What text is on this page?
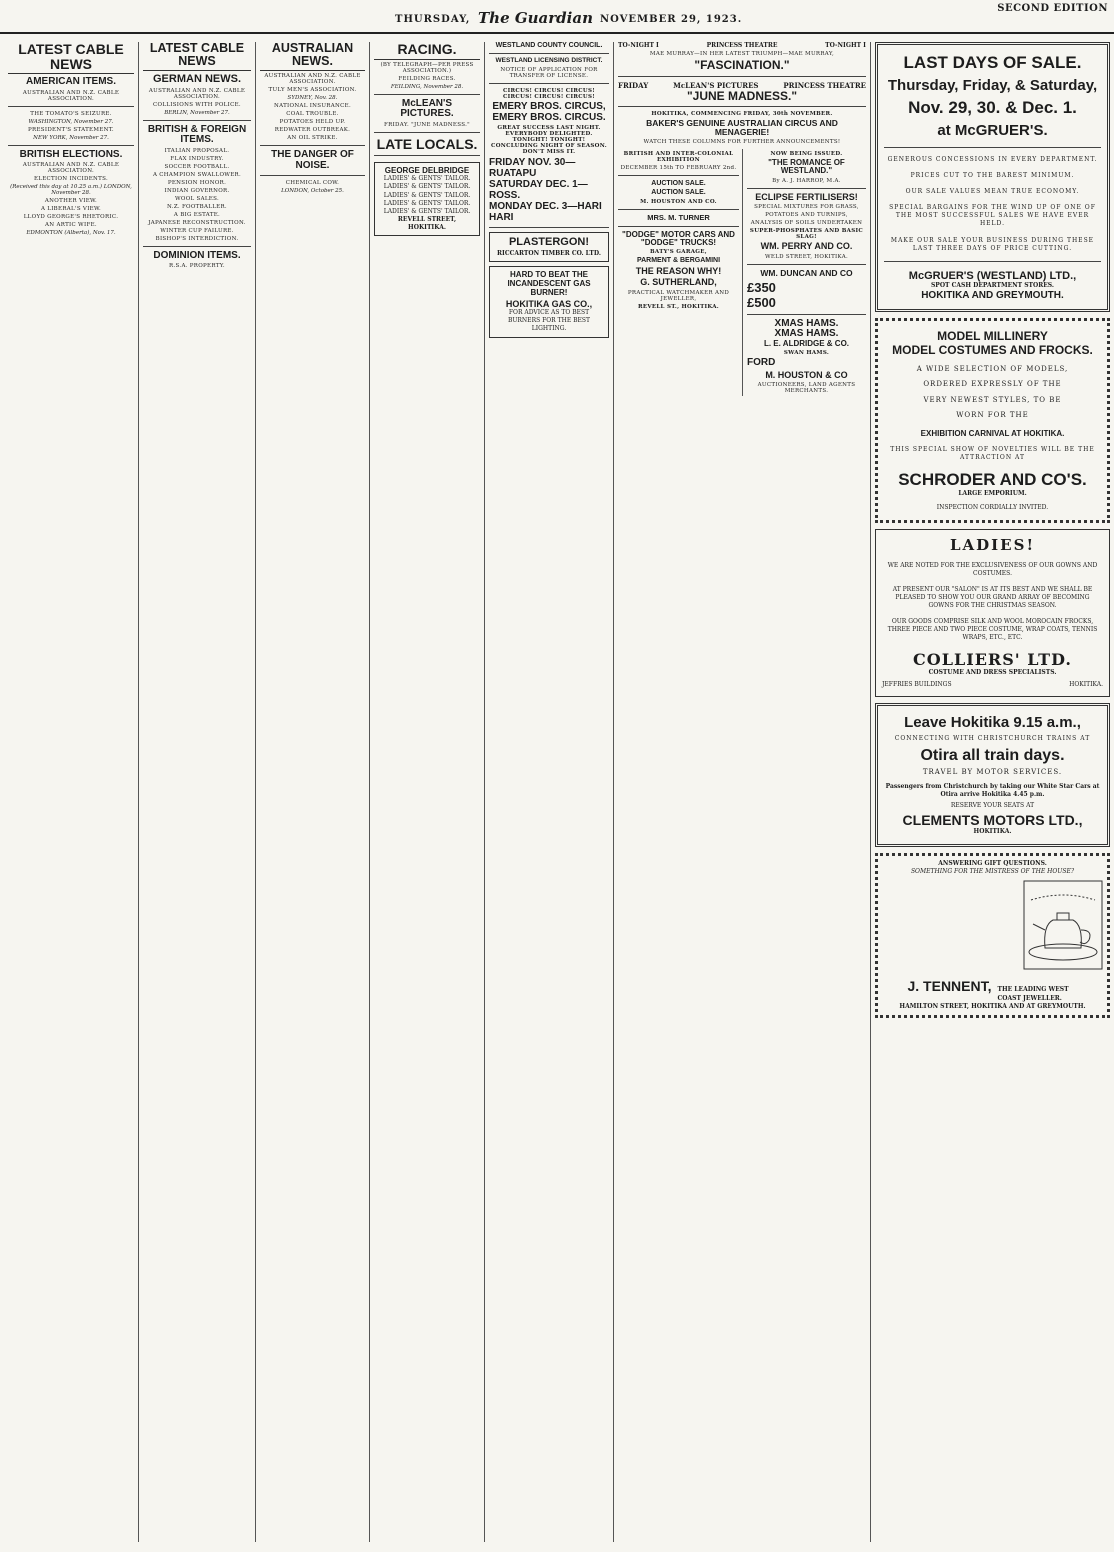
THURSDAY, The Guardian NOVEMBER 29, 1923.
SECOND EDITION
LATEST CABLE NEWS
AMERICAN ITEMS.
AUSTRALIAN AND N.Z. CABLE ASSOCIATION.
THE TOMATO'S SEIZURE.
WASHINGTON, November 27.
PRESIDENT'S STATEMENT.
NEW YORK, November 27.
BRITISH ELECTIONS.
AUSTRALIAN AND N.Z. CABLE ASSOCIATION.
ELECTION INCIDENTS.
(Received this day at 10.25 a.m.) LONDON, November 28.
ANOTHER VIEW.
A LIBERAL'S VIEW.
LLOYD GEORGE'S RHETORIC.
AN ARTIC WIFE.
EDMONTON (Alberta), Nov. 17.
LATEST CABLE NEWS
GERMAN NEWS.
AUSTRALIAN AND N.Z. CABLE ASSOCIATION.
COLLISIONS WITH POLICE.
BERLIN, November 27.
BRITISH & FOREIGN ITEMS.
ITALIAN PROPOSAL.
FLAX INDUSTRY.
SOCCER FOOTBALL.
A CHAMPION SWALLOWER.
PENSION HONOR.
INDIAN GOVERNOR.
WOOL SALES.
N.Z. FOOTBALLER.
A BIG ESTATE.
JAPANESE RECONSTRUCTION.
WINTER CUP FAILURE.
BISHOP'S INTERDICTION.
DOMINION ITEMS.
R.S.A. PROPERTY.
AUSTRALIAN NEWS.
AUSTRALIAN AND N.Z. CABLE ASSOCIATION.
TULY MEN'S ASSOCIATION.
SYDNEY, Nov. 28.
NATIONAL INSURANCE.
COAL TROUBLE.
POTATOES HELD UP.
REDWATER OUTBREAK.
AN OIL STRIKE.
THE DANGER OF NOISE.
CHEMICAL COW.
LONDON, October 25.
RACING.
(BY TELEGRAPH—PER PRESS ASSOCIATION.)
FEILDING RACES.
FEILDING, November 28.
McLEAN'S PICTURES.
FRIDAY. "JUNE MADNESS."
LATE LOCALS.
GEORGE DELBRIDGE
LADIES' & GENTS' TAILOR.
LADIES' & GENTS' TAILOR.
LADIES' & GENTS' TAILOR.
LADIES' & GENTS' TAILOR.
LADIES' & GENTS' TAILOR.
REVELL STREET, HOKITIKA.
WESTLAND COUNTY COUNCIL.
WESTLAND LICENSING DISTRICT.
NOTICE OF APPLICATION FOR TRANSFER OF LICENSE.
CIRCUS! CIRCUS! CIRCUS! CIRCUS! CIRCUS! CIRCUS!
EMERY BROS. CIRCUS, EMERY BROS. CIRCUS.
GREAT SUCCESS LAST NIGHT. EVERYBODY DELIGHTED. TONIGHT! TONIGHT! CONCLUDING NIGHT OF SEASON. DON'T MISS IT.
FRIDAY NOV. 30—RUATAPU
SATURDAY DEC. 1—ROSS.
MONDAY DEC. 3—HARI HARI
PLASTERGON!
RICCARTON TIMBER CO. LTD.
HARD TO BEAT THE INCANDESCENT GAS BURNER!
HOKITIKA GAS CO.,
FOR ADVICE AS TO BEST BURNERS FOR THE BEST LIGHTING.
TO-NIGHT I	PRINCESS THEATRE	TO-NIGHT I
MAE MURRAY—IN HER LATEST TRIUMPH—MAE MURRAY,
"FASCINATION."
FRIDAY	McLEAN'S PICTURES	PRINCESS THEATRE
"JUNE MADNESS."
HOKITIKA, COMMENCING FRIDAY, 30th NOVEMBER.
BAKER'S GENUINE AUSTRALIAN CIRCUS AND MENAGERIE!
WATCH THESE COLUMNS FOR FURTHER ANNOUNCEMENTS!
BRITISH AND INTER-COLONIAL EXHIBITION
DECEMBER 15th TO FEBRUARY 2nd.
AUCTION SALE.
AUCTION SALE.
M. HOUSTON AND CO.
MRS. M. TURNER
"DODGE" MOTOR CARS AND "DODGE" TRUCKS!
BATY'S GARAGE,
PARMENT & BERGAMINI
THE REASON WHY!
G. SUTHERLAND,
PRACTICAL WATCHMAKER AND JEWELLER,
REVELL ST., HOKITIKA.
NOW BEING ISSUED.
"THE ROMANCE OF WESTLAND."
By A. J. HARROP, M.A.
ECLIPSE FERTILISERS!
SPECIAL MIXTURES FOR GRASS,
POTATOES AND TURNIPS,
ANALYSIS OF SOILS UNDERTAKEN
SUPER-PHOSPHATES AND BASIC SLAG!
WM. PERRY AND CO.
WELD STREET, HOKITIKA.
WM. DUNCAN AND CO
£350
£500
XMAS HAMS.
XMAS HAMS.
L. E. ALDRIDGE & CO.
SWAN HAMS.
FORD
M. HOUSTON & CO
AUCTIONEERS, LAND AGENTS MERCHANTS.
LAST DAYS OF SALE.
Thursday, Friday, & Saturday,
Nov. 29, 30. & Dec. 1.
at McGRUER'S.
GENEROUS CONCESSIONS IN EVERY DEPARTMENT.
PRICES CUT TO THE BAREST MINIMUM.
OUR SALE VALUES MEAN TRUE ECONOMY.
SPECIAL BARGAINS FOR THE WIND UP OF ONE OF THE MOST SUCCESSFUL SALES WE HAVE EVER HELD.
MAKE OUR SALE YOUR BUSINESS DURING THESE LAST THREE DAYS OF PRICE CUTTING.
McGRUER'S (WESTLAND) LTD.,
SPOT CASH DEPARTMENT STORES.
HOKITIKA AND GREYMOUTH.
MODEL MILLINERY
MODEL COSTUMES AND FROCKS.
A WIDE SELECTION OF MODELS,
ORDERED EXPRESSLY OF THE
VERY NEWEST STYLES, TO BE
WORN FOR THE
EXHIBITION CARNIVAL AT HOKITIKA.
THIS SPECIAL SHOW OF NOVELTIES WILL BE THE ATTRACTION AT
SCHRODER AND CO'S.
LARGE EMPORIUM.
INSPECTION CORDIALLY INVITED.
LADIES!
WE ARE NOTED FOR THE EXCLUSIVENESS OF OUR GOWNS AND COSTUMES.
AT PRESENT OUR "SALON" IS AT ITS BEST AND WE SHALL BE PLEASED TO SHOW YOU OUR GRAND ARRAY OF BECOMING GOWNS FOR THE CHRISTMAS SEASON.
OUR GOODS COMPRISE SILK AND WOOL MOROCAIN FROCKS, THREE PIECE AND TWO PIECE COSTUME, WRAP COATS, TENNIS WRAPS, ETC., ETC.
COLLIERS' LTD.
COSTUME AND DRESS SPECIALISTS.
JEFFRIES BUILDINGS	HOKITIKA.
Leave Hokitika 9.15 a.m.,
CONNECTING WITH CHRISTCHURCH TRAINS AT
Otira all train days.
TRAVEL BY MOTOR SERVICES.
Passengers from Christchurch by taking our White Star Cars at Otira arrive Hokitika 4.45 p.m.
RESERVE YOUR SEATS AT
CLEMENTS MOTORS LTD.,
HOKITIKA.
ANSWERING GIFT QUESTIONS.
SOMETHING FOR THE MISTRESS OF THE HOUSE?
J. TENNENT, THE LEADING WEST COAST JEWELLER.
HAMILTON STREET, HOKITIKA AND AT GREYMOUTH.
